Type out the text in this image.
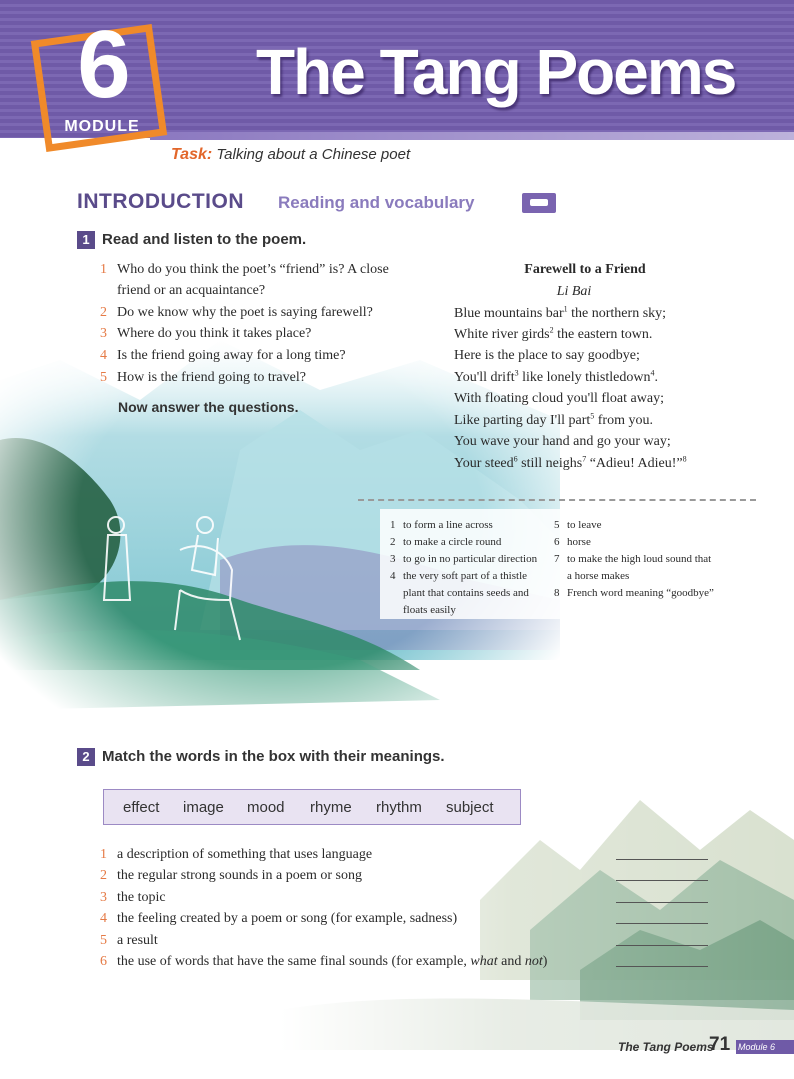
6
MODULE
The Tang Poems
Task: Talking about a Chinese poet
INTRODUCTION	Reading and vocabulary
1 Read and listen to the poem.
1 Who do you think the poet’s “friend” is? A close
friend or an acquaintance?
2 Do we know why the poet is saying farewell?
3 Where do you think it takes place?
4 Is the friend going away for a long time?
5 How is the friend going to travel?
Now answer the questions.
Farewell to a Friend
Li Bai
Blue mountains bar$^1$ the northern sky;
White river girds$^2$ the eastern town.
Here is the place to say goodbye;
You'll drift$^3$ like lonely thistledown$^4$.
With floating cloud you'll float away;
Like parting day I'll part$^5$ from you.
You wave your hand and go your way;
Your steed$^6$ still neighs$^7$ “Adieu! Adieu!”$^8$
1 to form a line across
2 to make a circle round
3 to go in no particular direction
4 the very soft part of a thistle
plant that contains seeds and
floats easily
5 to leave
6 horse
7 to make the high loud sound that
a horse makes
8 French word meaning “goodbye”
2 Match the words in the box with their meanings.
effect image mood rhyme rhythm subject
1 a description of something that uses language
2 the regular strong sounds in a poem or song
3 the topic
4 the feeling created by a poem or song (for example, sadness)
5 a result
6 the use of words that have the same final sounds (for example, what and not)
The Tang Poems
71 Module 6
